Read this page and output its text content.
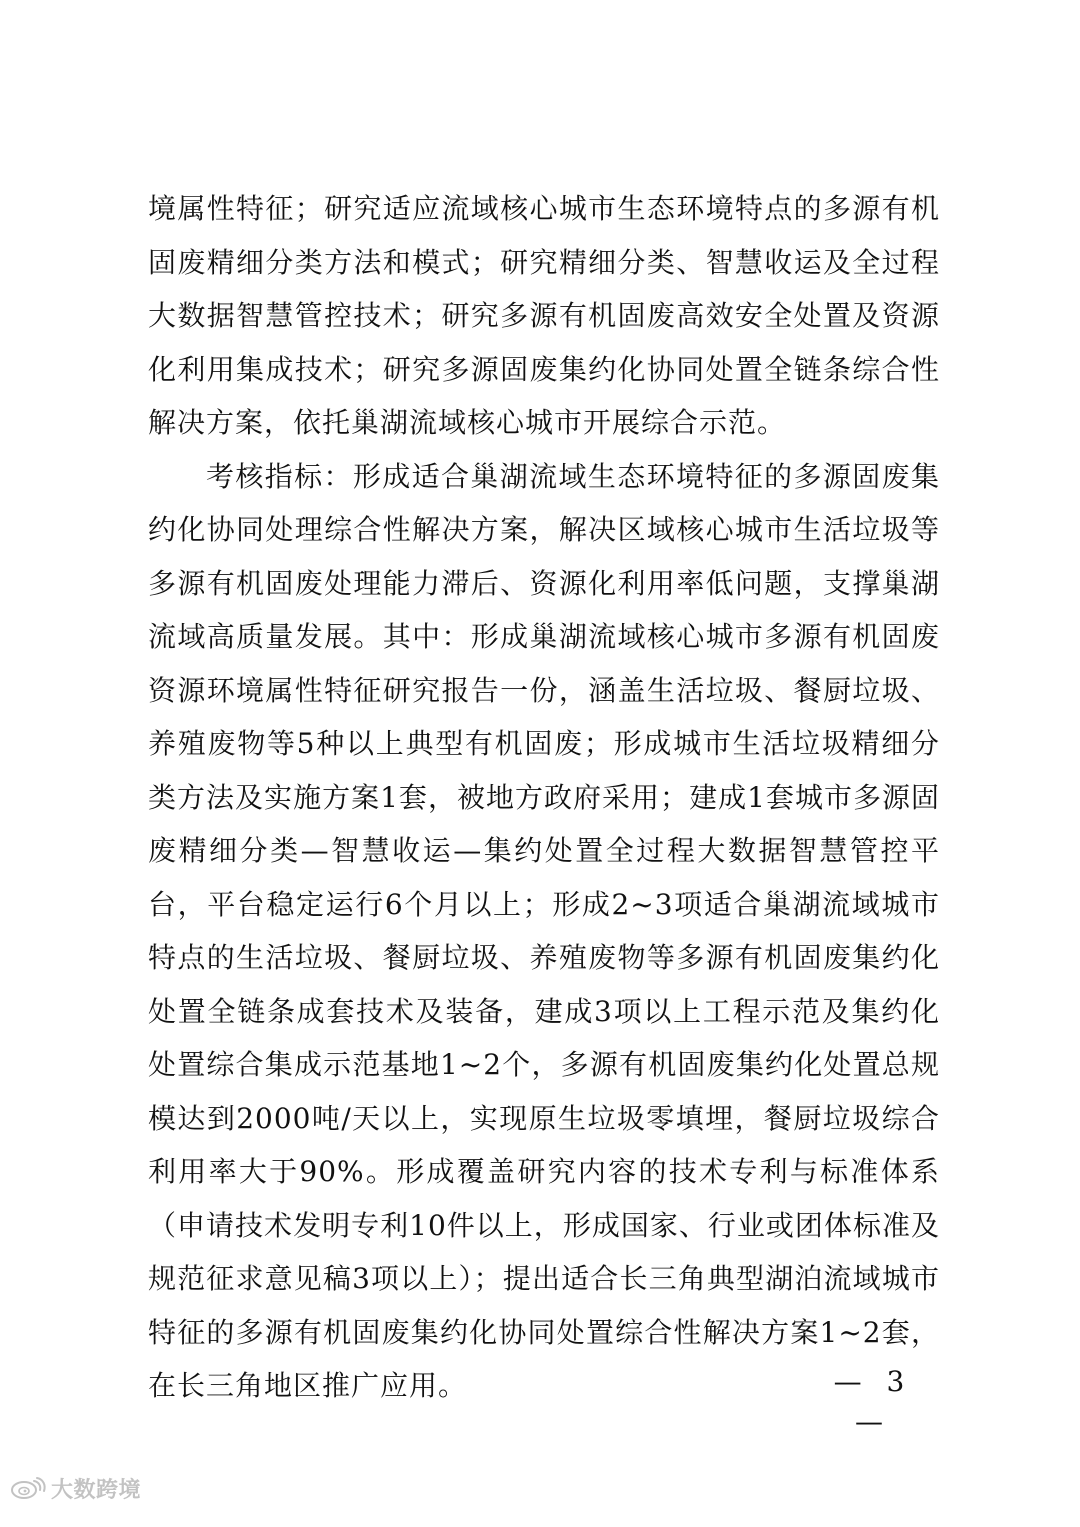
境属性特征；研究适应流域核心城市生态环境特点的多源有机固废精细分类方法和模式；研究精细分类、智慧收运及全过程大数据智慧管控技术；研究多源有机固废高效安全处置及资源化利用集成技术；研究多源固废集约化协同处置全链条综合性解决方案，依托巢湖流域核心城市开展综合示范。

考核指标：形成适合巢湖流域生态环境特征的多源固废集约化协同处理综合性解决方案，解决区域核心城市生活垃圾等多源有机固废处理能力滞后、资源化利用率低问题，支撑巢湖流域高质量发展。其中：形成巢湖流域核心城市多源有机固废资源环境属性特征研究报告一份，涵盖生活垃圾、餐厨垃圾、养殖废物等5种以上典型有机固废；形成城市生活垃圾精细分类方法及实施方案1套，被地方政府采用；建成1套城市多源固废精细分类—智慧收运—集约处置全过程大数据智慧管控平台，平台稳定运行6个月以上；形成2~3项适合巢湖流域城市特点的生活垃圾、餐厨垃圾、养殖废物等多源有机固废集约化处置全链条成套技术及装备，建成3项以上工程示范及集约化处置综合集成示范基地1~2个，多源有机固废集约化处置总规模达到2000吨/天以上，实现原生垃圾零填埋，餐厨垃圾综合利用率大于90%。形成覆盖研究内容的技术专利与标准体系（申请技术发明专利10件以上，形成国家、行业或团体标准及规范征求意见稿3项以上）；提出适合长三角典型湖泊流域城市特征的多源有机固废集约化协同处置综合性解决方案1~2套，在长三角地区推广应用。	— 3 —
大数跨境
